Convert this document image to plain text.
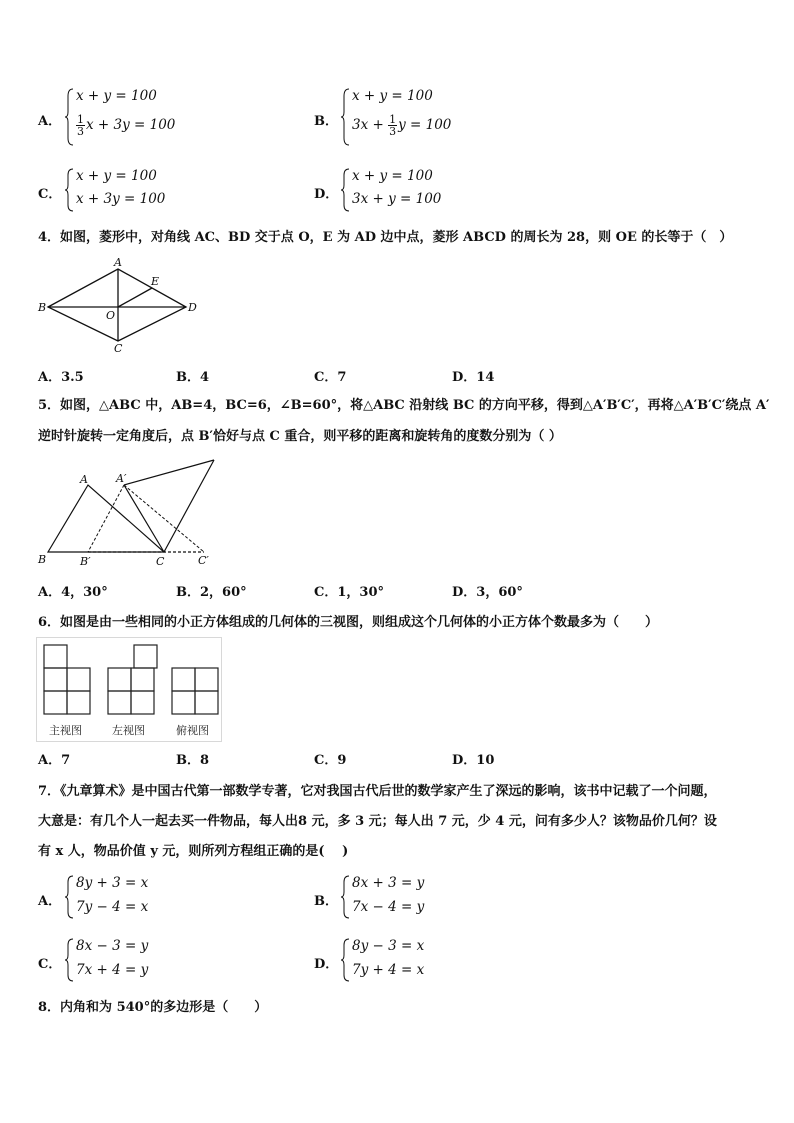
A．
x + y = 100
$\frac{1}{3}$ x + 3y = 100	B．
x + y = 100
$3x + \frac{1}{3}$ y = 100
C．
x + y = 100
x + 3y = 100	D．
x + y = 100
3x + y = 100
4．如图，菱形中，对角线 AC、BD 交于点 O，E 为 AD 边中点，菱形 ABCD 的周长为 28，则 OE 的长等于（　）
A
B
C
D
E
O
A．3.5	B．4	C．7	D．14
5．如图，△ABC 中，AB=4，BC=6，∠B=60°，将△ABC 沿射线 BC 的方向平移，得到△A′B′C′，再将△A′B′C′绕点 A′
逆时针旋转一定角度后，点 B′恰好与点 C 重合，则平移的距离和旋转角的度数分别为（ ）
A	A′
B	B′	C	C′
A．4，30°	B．2，60°	C．1，30°	D．3，60°
6．如图是由一些相同的小正方体组成的几何体的三视图，则组成这个几何体的小正方体个数最多为（　　）
主视图	左视图	俯视图
A．7	B．8	C．9	D．10
7．《九章算术》是中国古代第一部数学专著，它对我国古代后世的数学家产生了深远的影响，该书中记载了一个问题，
大意是：有几个人一起去买一件物品，每人出8 元，多 3 元；每人出 7 元，少 4 元，问有多少人？该物品价几何？设
有 x 人，物品价值 y 元，则所列方程组正确的是(　 )
A．
8y + 3 = x
7y − 4 = x	B．
8x + 3 = y
7x − 4 = y
C．
8x − 3 = y
7x + 4 = y	D．
8y − 3 = x
7y + 4 = x
8．内角和为 540°的多边形是（　　）
